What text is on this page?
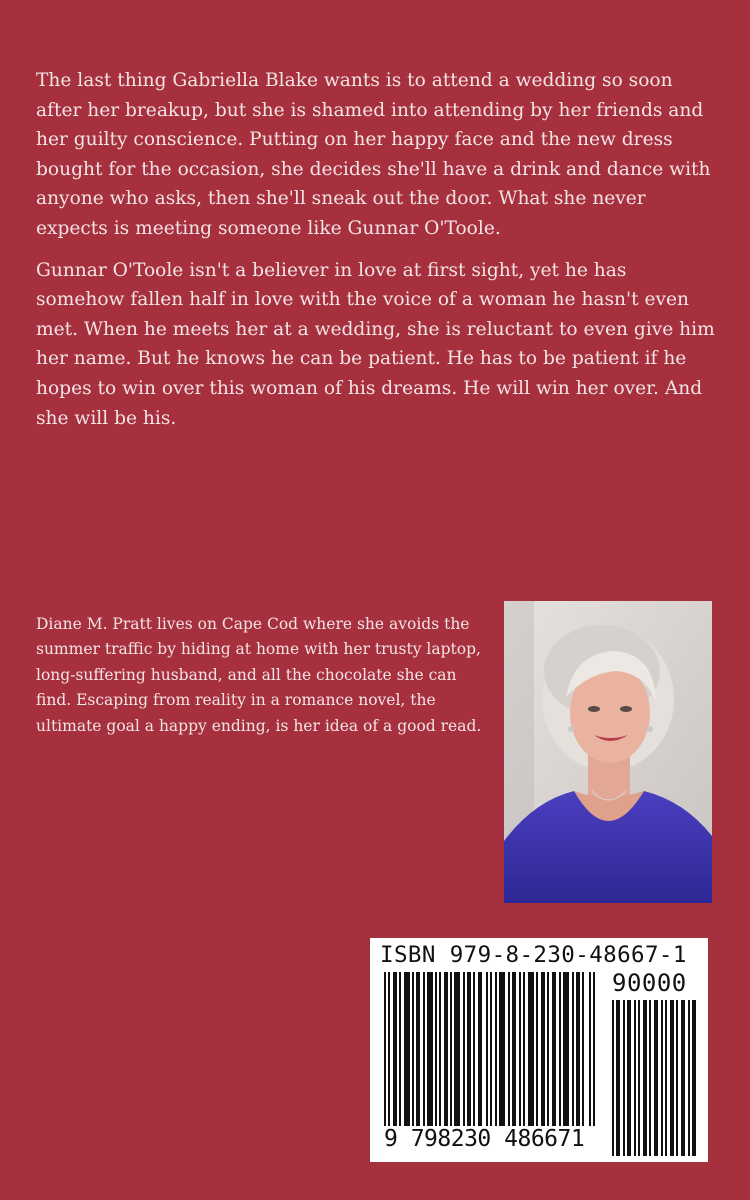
The last thing Gabriella Blake wants is to attend a wedding so soon after her breakup, but she is shamed into attending by her friends and her guilty conscience. Putting on her happy face and the new dress bought for the occasion, she decides she'll have a drink and dance with anyone who asks, then she'll sneak out the door. What she never expects is meeting someone like Gunnar O'Toole.

Gunnar O'Toole isn't a believer in love at first sight, yet he has somehow fallen half in love with the voice of a woman he hasn't even met. When he meets her at a wedding, she is reluctant to even give him her name. But he knows he can be patient. He has to be patient if he hopes to win over this woman of his dreams. He will win her over. And she will be his.

Diane M. Pratt lives on Cape Cod where she avoids the summer traffic by hiding at home with her trusty laptop, long-suffering husband, and all the chocolate she can find. Escaping from reality in a romance novel, the ultimate goal a happy ending, is her idea of a good read.

ISBN 979-8-230-48667-1
90000
9 798230 486671
